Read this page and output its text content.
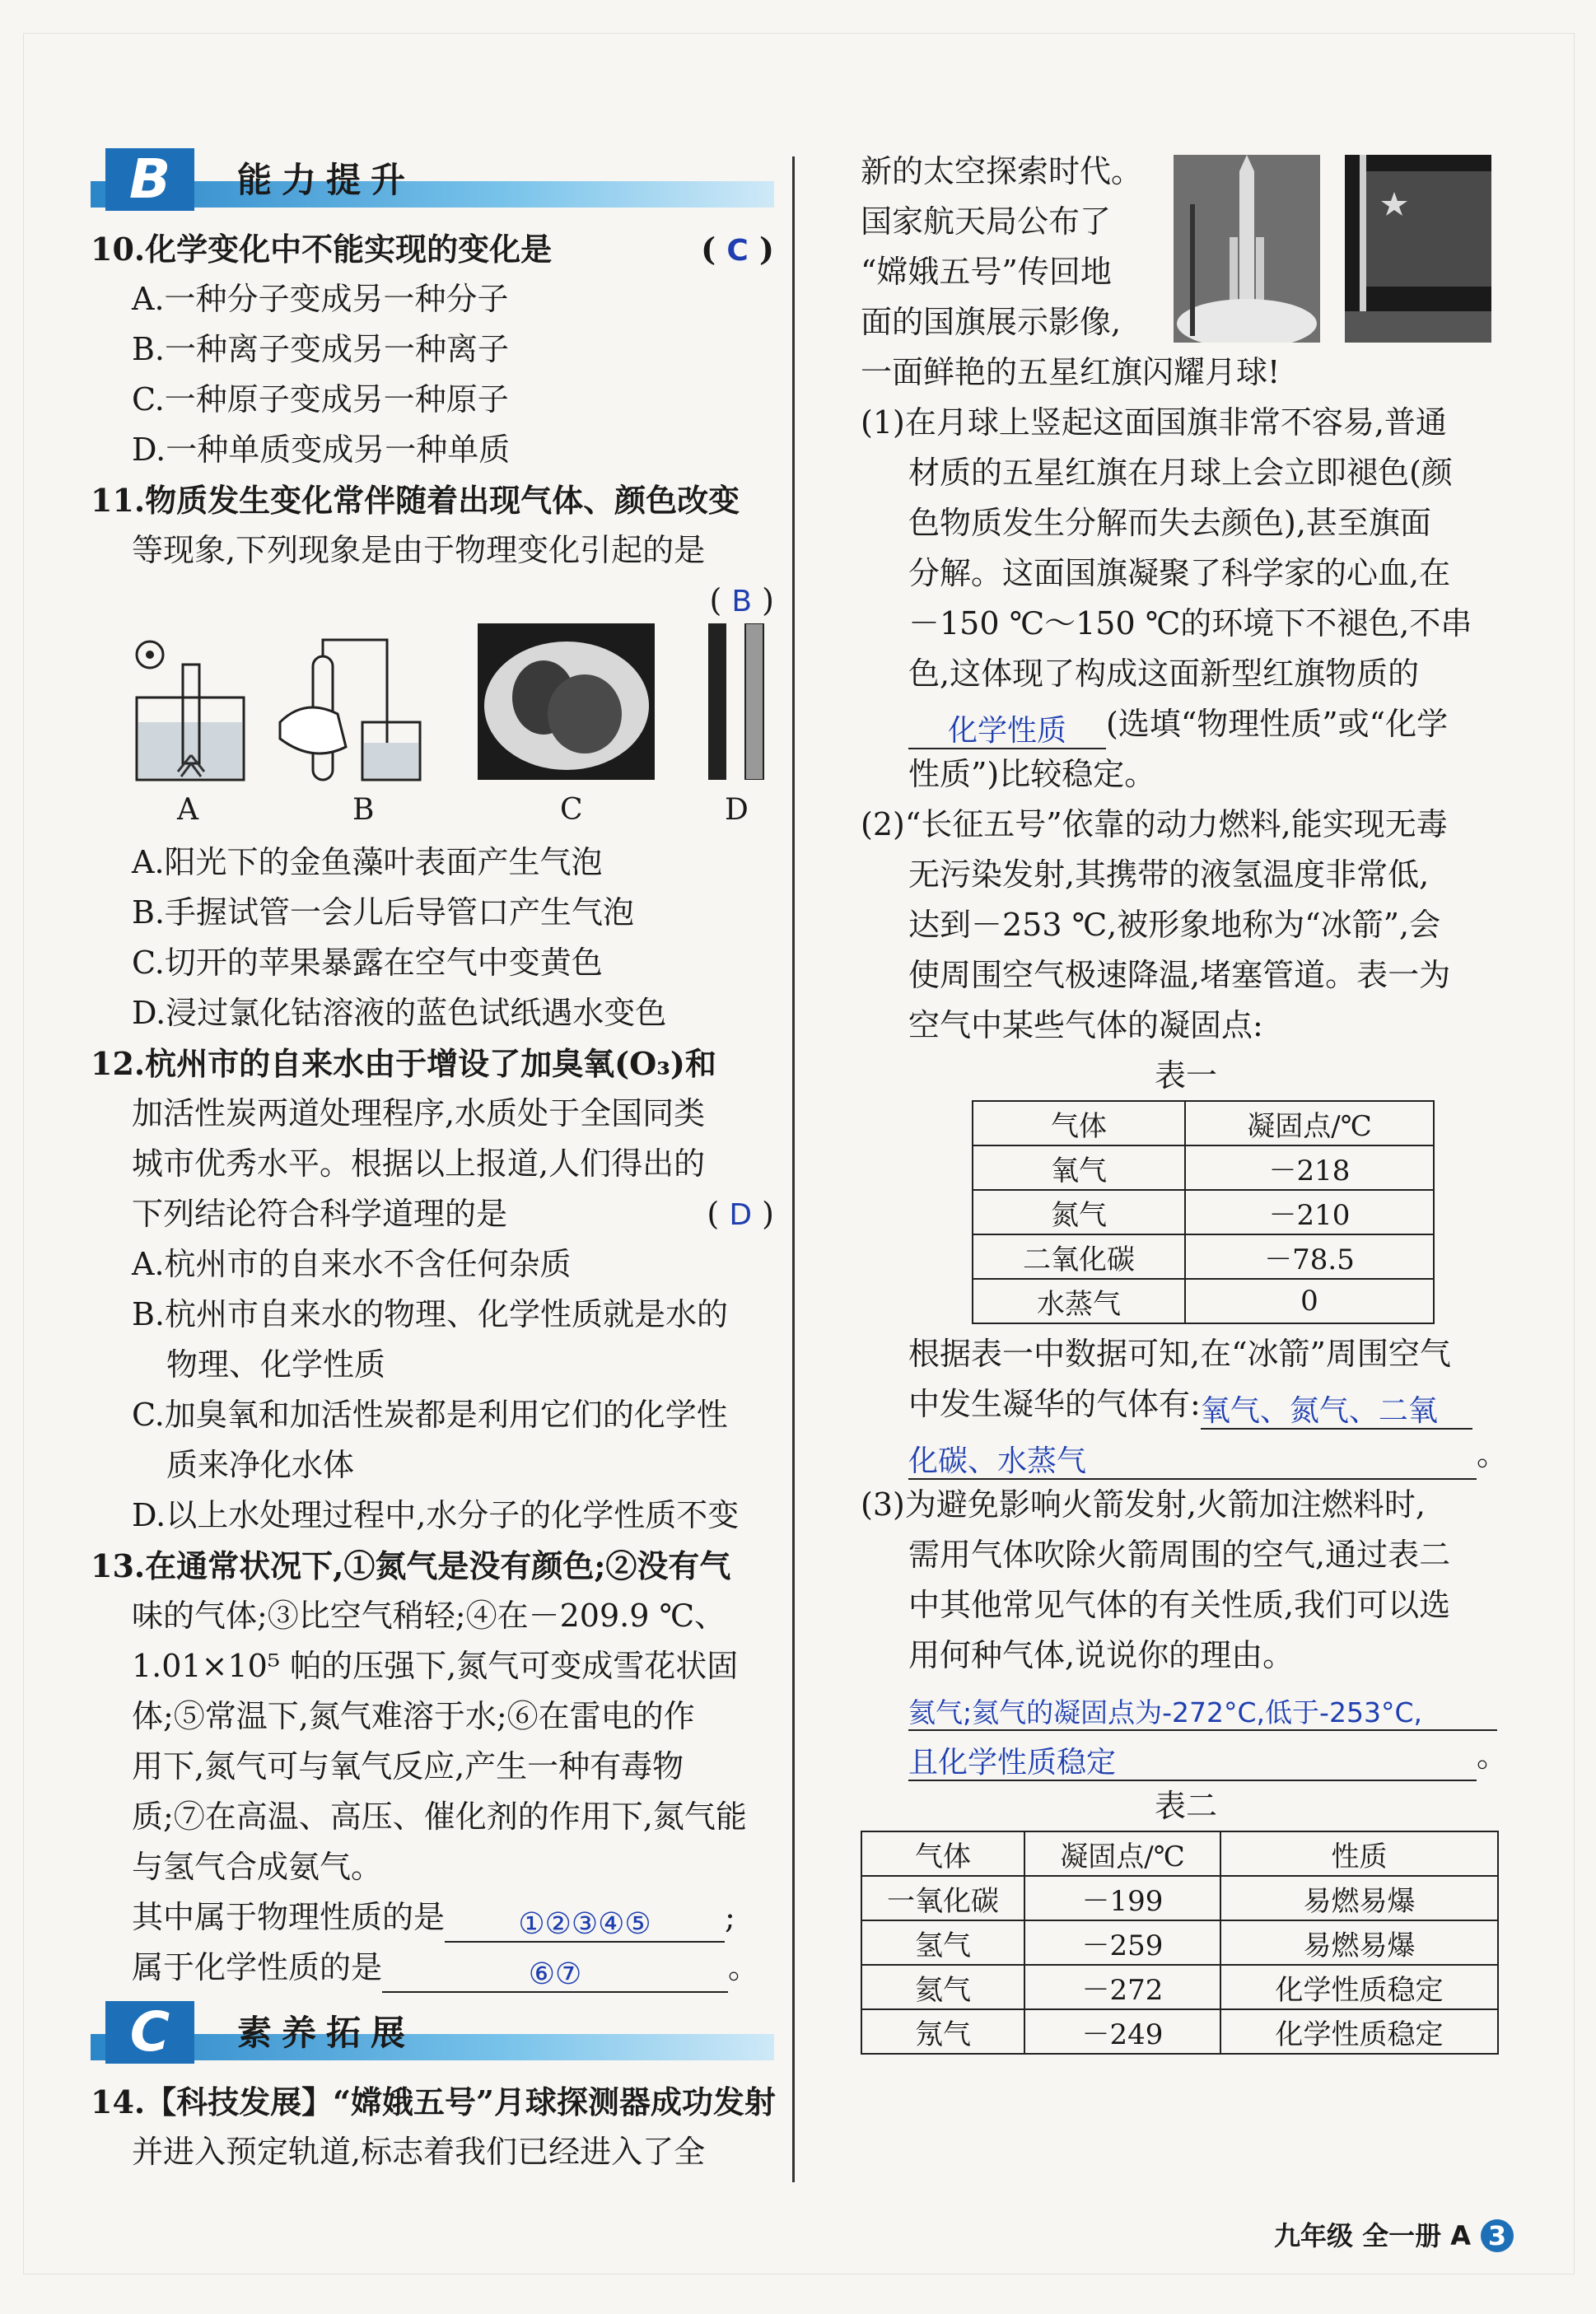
B	能力提升
10.化学变化中不能实现的变化是	( C )
A.一种分子变成另一种分子
B.一种离子变成另一种离子
C.一种原子变成另一种原子
D.一种单质变成另一种单质
11.物质发生变化常伴随着出现气体、颜色改变
等现象,下列现象是由于物理变化引起的是
( B )
A	B	C	D
A.阳光下的金鱼藻叶表面产生气泡
B.手握试管一会儿后导管口产生气泡
C.切开的苹果暴露在空气中变黄色
D.浸过氯化钴溶液的蓝色试纸遇水变色
12.杭州市的自来水由于增设了加臭氧(O₃)和
加活性炭两道处理程序,水质处于全国同类
城市优秀水平。根据以上报道,人们得出的
下列结论符合科学道理的是	( D )
A.杭州市的自来水不含任何杂质
B.杭州市自来水的物理、化学性质就是水的
物理、化学性质
C.加臭氧和加活性炭都是利用它们的化学性
质来净化水体
D.以上水处理过程中,水分子的化学性质不变
13.在通常状况下,①氮气是没有颜色;②没有气
味的气体;③比空气稍轻;④在－209.9 ℃、
1.01×10⁵ 帕的压强下,氮气可变成雪花状固
体;⑤常温下,氮气难溶于水;⑥在雷电的作
用下,氮气可与氧气反应,产生一种有毒物
质;⑦在高温、高压、催化剂的作用下,氮气能
与氢气合成氨气。
其中属于物理性质的是 ①②③④⑤ ;
属于化学性质的是	⑥⑦	。
C	素养拓展
14.【科技发展】“嫦娥五号”月球探测器成功发射
并进入预定轨道,标志着我们已经进入了全
新的太空探索时代。
国家航天局公布了
“嫦娥五号”传回地
面的国旗展示影像,
一面鲜艳的五星红旗闪耀月球!
(1)在月球上竖起这面国旗非常不容易,普通
材质的五星红旗在月球上会立即褪色(颜
色物质发生分解而失去颜色),甚至旗面
分解。这面国旗凝聚了科学家的心血,在
－150 ℃～150 ℃的环境下不褪色,不串
色,这体现了构成这面新型红旗物质的
化学性质 (选填“物理性质”或“化学
性质”)比较稳定。
(2)“长征五号”依靠的动力燃料,能实现无毒
无污染发射,其携带的液氢温度非常低,
达到－253 ℃,被形象地称为“冰箭”,会
使周围空气极速降温,堵塞管道。表一为
空气中某些气体的凝固点:
表一
气体	凝固点/℃
氧气	－218
氮气	－210
二氧化碳	－78.5
水蒸气	0
根据表一中数据可知,在“冰箭”周围空气
中发生凝华的气体有:氧气、氮气、二氧
化碳、水蒸气	。
(3)为避免影响火箭发射,火箭加注燃料时,
需用气体吹除火箭周围的空气,通过表二
中其他常见气体的有关性质,我们可以选
用何种气体,说说你的理由。
氦气;氦气的凝固点为-272°C,低于-253°C,
且化学性质稳定	。
表二
气体	凝固点/℃	性质
一氧化碳	－199	易燃易爆
氢气	－259	易燃易爆
氦气	－272	化学性质稳定
氖气	－249	化学性质稳定
九年级 全一册 A 3
